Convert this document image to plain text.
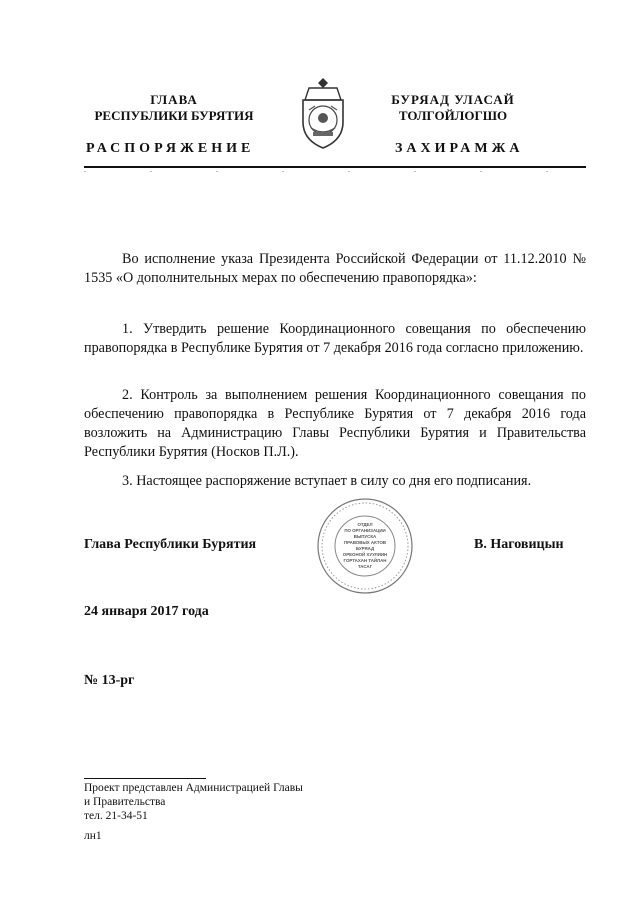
ГЛАВА
РЕСПУБЛИКИ БУРЯТИЯ
РАСПОРЯЖЕНИЕ
БУРЯАД УЛАСАЙ
ТОЛГОЙЛОГШО
ЗАХИРАМЖА

Во исполнение указа Президента Российской Федерации от 11.12.2010 № 1535 «О дополнительных мерах по обеспечению правопорядка»:

1. Утвердить решение Координационного совещания по обеспечению правопорядка в Республике Бурятия от 7 декабря 2016 года согласно приложению.

2. Контроль за выполнением решения Координационного совещания по обеспечению правопорядка в Республике Бурятия от 7 декабря 2016 года возложить на Администрацию Главы Республики Бурятия и Правительства Республики Бурятия (Носков П.Л.).

3. Настоящее распоряжение вступает в силу со дня его подписания.

Глава Республики Бурятия
ОТДЕЛ
ПО ОРГАНИЗАЦИИ
ВЫПУСКА
ПРАВОВЫХ АКТОВ
БУРЯАД
ОРЕОНОЙ ХУУЛИИН
ГОРТАХАН ТАЙЛАН
ТАСАГ
В. Наговицын
24 января 2017 года
№ 13-рг
Проект представлен Администрацией Главы
и Правительства
тел. 21-34-51
лн1
